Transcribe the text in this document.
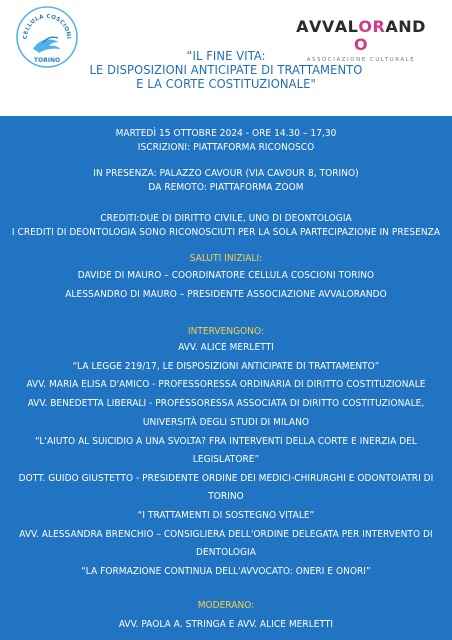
CELLULA COSCIONI
TORINO
AVVALORANDO
ASSOCIAZIONE CULTURALE
“IL FINE VITA:
LE DISPOSIZIONI ANTICIPATE DI TRATTAMENTO
E LA CORTE COSTITUZIONALE"
MARTEDÌ 15 OTTOBRE 2024 - ORE 14.30 – 17,30
ISCRIZIONI: PIATTAFORMA RICONOSCO
IN PRESENZA: PALAZZO CAVOUR (VIA CAVOUR 8, TORINO)
DA REMOTO: PIATTAFORMA ZOOM
CREDITI:DUE DI DIRITTO CIVILE, UNO DI DEONTOLOGIA
I CREDITI DI DEONTOLOGIA SONO RICONOSCIUTI PER LA SOLA PARTECIPAZIONE IN PRESENZA
SALUTI INIZIALI:
DAVIDE DI MAURO – COORDINATORE CELLULA COSCIONI TORINO
ALESSANDRO DI MAURO – PRESIDENTE ASSOCIAZIONE AVVALORANDO
INTERVENGONO:
AVV. ALICE MERLETTI
“LA LEGGE 219/17, LE DISPOSIZIONI ANTICIPATE DI TRATTAMENTO”
AVV. MARIA ELISA D'AMICO - PROFESSORESSA ORDINARIA DI DIRITTO COSTITUZIONALE
AVV. BENEDETTA LIBERALI - PROFESSORESSA ASSOCIATA DI DIRITTO COSTITUZIONALE,
UNIVERSITÀ DEGLI STUDI DI MILANO
“L'AIUTO AL SUICIDIO A UNA SVOLTA? FRA INTERVENTI DELLA CORTE E INERZIA DEL
LEGISLATORE”
DOTT. GUIDO GIUSTETTO - PRESIDENTE ORDINE DEI MEDICI-CHIRURGHI E ODONTOIATRI DI
TORINO
“I TRATTAMENTI DI SOSTEGNO VITALE”
AVV. ALESSANDRA BRENCHIO – CONSIGLIERA DELL'ORDINE DELEGATA PER INTERVENTO DI
DENTOLOGIA
“LA FORMAZIONE CONTINUA DELL'AVVOCATO: ONERI E ONORI”
MODERANO:
AVV. PAOLA A. STRINGA E AVV. ALICE MERLETTI
